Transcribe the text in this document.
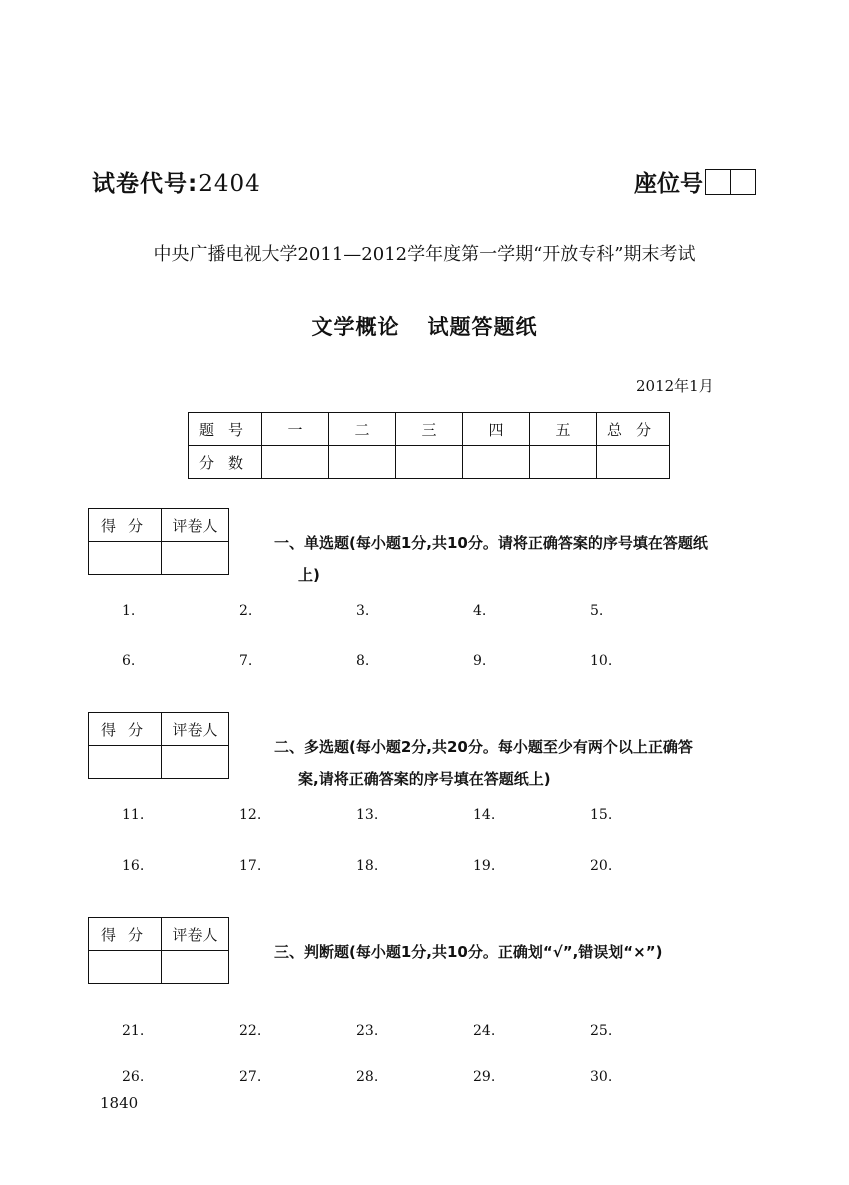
试卷代号:2404	座位号
中央广播电视大学2011—2012学年度第一学期“开放专科”期末考试
文学概论 试题答题纸
2012年1月
题号	一	二	三	四	五	总分
分数						
得分	评卷人

一、单选题(每小题1分,共10分。请将正确答案的序号填在答题纸
上)
1.	2.	3.	4.	5.
6.	7.	8.	9.	10.
得分	评卷人

二、多选题(每小题2分,共20分。每小题至少有两个以上正确答
案,请将正确答案的序号填在答题纸上)
11.	12.	13.	14.	15.
16.	17.	18.	19.	20.
得分	评卷人

三、判断题(每小题1分,共10分。正确划“√”,错误划“×”)
21.	22.	23.	24.	25.
26.	27.	28.	29.	30.
1840
